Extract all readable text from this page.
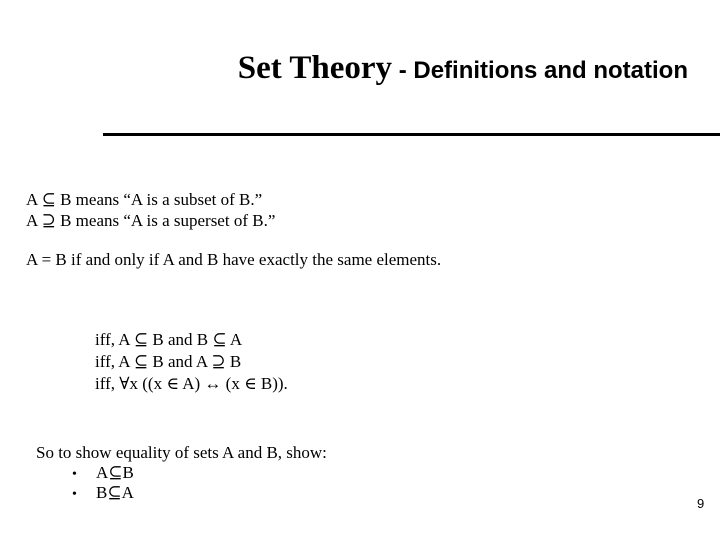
Set Theory - Definitions and notation
A ⊆ B means “A is a subset of B.”
A ⊇ B means “A is a superset of B.”
A = B if and only if A and B have exactly the same elements.
iff, A ⊆ B and B ⊆ A
iff, A ⊆ B and A ⊇ B
iff, ∀x ((x ∈ A) ↔ (x ∈ B)).
So to show equality of sets A and B, show:
• A⊆B
• B⊆A
9
